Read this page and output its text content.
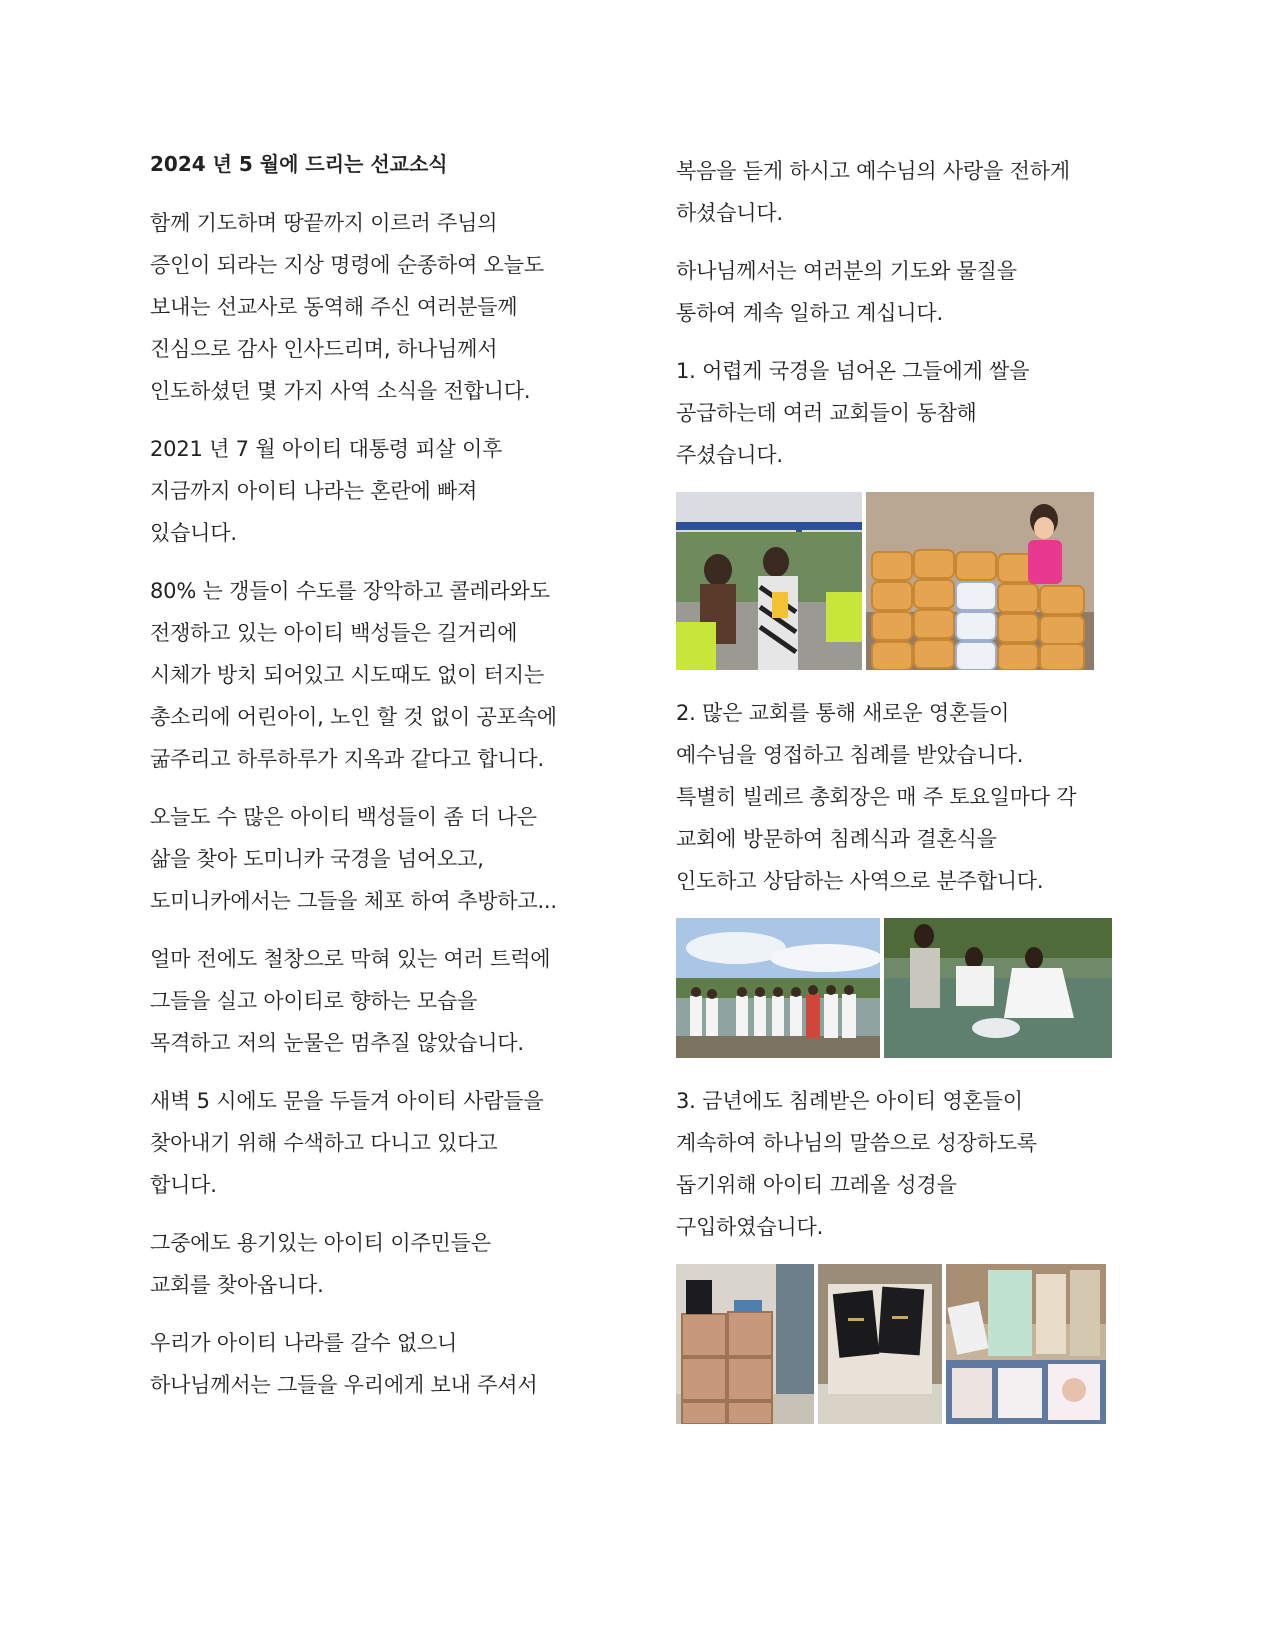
2024 년 5 월에 드리는 선교소식

함께 기도하며 땅끝까지 이르러 주님의
증인이 되라는 지상 명령에 순종하여 오늘도
보내는 선교사로 동역해 주신 여러분들께
진심으로 감사 인사드리며, 하나님께서
인도하셨던 몇 가지 사역 소식을 전합니다.

2021 년 7 월 아이티 대통령 피살 이후
지금까지 아이티 나라는 혼란에 빠져
있습니다.

80% 는 갱들이 수도를 장악하고 콜레라와도
전쟁하고 있는 아이티 백성들은 길거리에
시체가 방치 되어있고 시도때도 없이 터지는
총소리에 어린아이, 노인 할 것 없이 공포속에
굶주리고 하루하루가 지옥과 같다고 합니다.

오늘도 수 많은 아이티 백성들이 좀 더 나은
삶을 찾아 도미니카 국경을 넘어오고,
도미니카에서는 그들을 체포 하여 추방하고...

얼마 전에도 철창으로 막혀 있는 여러 트럭에
그들을 실고 아이티로 향하는 모습을
목격하고 저의 눈물은 멈추질 않았습니다.

새벽 5 시에도 문을 두들겨 아이티 사람들을
찾아내기 위해 수색하고 다니고 있다고
합니다.

그중에도 용기있는 아이티 이주민들은
교회를 찾아옵니다.

우리가 아이티 나라를 갈수 없으니
하나님께서는 그들을 우리에게 보내 주셔서

복음을 듣게 하시고 예수님의 사랑을 전하게
하셨습니다.

하나님께서는 여러분의 기도와 물질을
통하여 계속 일하고 계십니다.

1. 어렵게 국경을 넘어온 그들에게 쌀을
공급하는데 여러 교회들이 동참해
주셨습니다.

2. 많은 교회를 통해 새로운 영혼들이
예수님을 영접하고 침례를 받았습니다.
특별히 빌레르 총회장은 매 주 토요일마다 각
교회에 방문하여 침례식과 결혼식을
인도하고 상담하는 사역으로 분주합니다.

3. 금년에도 침례받은 아이티 영혼들이
계속하여 하나님의 말씀으로 성장하도록
돕기위해 아이티 끄레올 성경을
구입하였습니다.
